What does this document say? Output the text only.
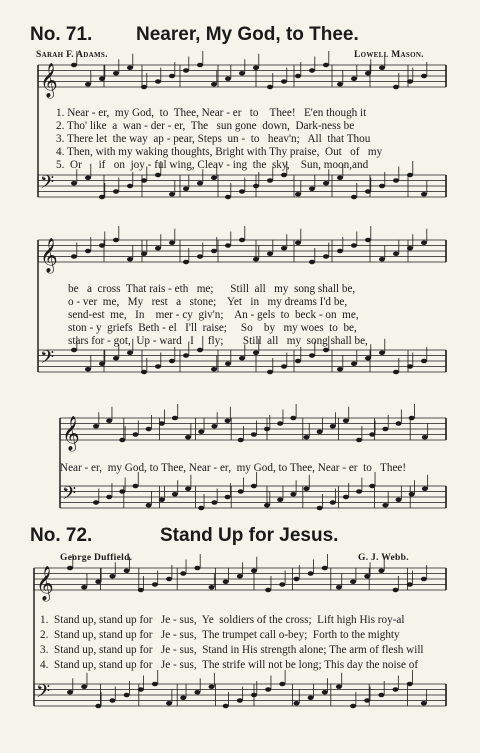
No. 71. Nearer, My God, to Thee.
Sarah F. Adams.	Lowell Mason.
𝄞
𝄢
𝄞
𝄢
𝄞
𝄢
𝄞
𝄢
1. Near - er,  my God,  to  Thee, Near - er   to    Thee!   E'en though it
2. Tho' like  a  wan - der - er,  The   sun gone  down,  Dark-ness be
3. There let  the way  ap - pear, Steps  un -  to   heav'n;   All  that Thou
4. Then, with my waking thoughts, Bright with Thy praise,  Out   of   my
5.  Or      if   on  joy - ful wing, Cleav - ing  the  sky,    Sun, moon,and
be   a  cross  That rais - eth   me;      Still  all   my  song shall be,
o - ver  me,   My   rest   a   stone;    Yet   in   my dreams I'd be,
send-est  me,   In    mer - cy  giv'n;    An - gels  to  beck - on  me,
ston - y  griefs  Beth - el   I'll  raise;     So    by   my woes  to  be,
stars for - got,  Up - ward   I     fly;       Still  all   my  song shall be,
Near - er,  my God, to Thee, Near - er,  my God, to Thee, Near - er  to   Thee!
No. 72.	Stand Up for Jesus.
George Duffield.	G. J. Webb.
1.  Stand up, stand up for   Je - sus,  Ye  soldiers of the cross;  Lift high His roy-al
2.  Stand up, stand up for   Je - sus,  The trumpet call o-bey;  Forth to the mighty
3.  Stand up, stand up for   Je - sus,  Stand in His strength alone; The arm of flesh will
4.  Stand up, stand up for   Je - sus,  The strife will not be long; This day the noise of
